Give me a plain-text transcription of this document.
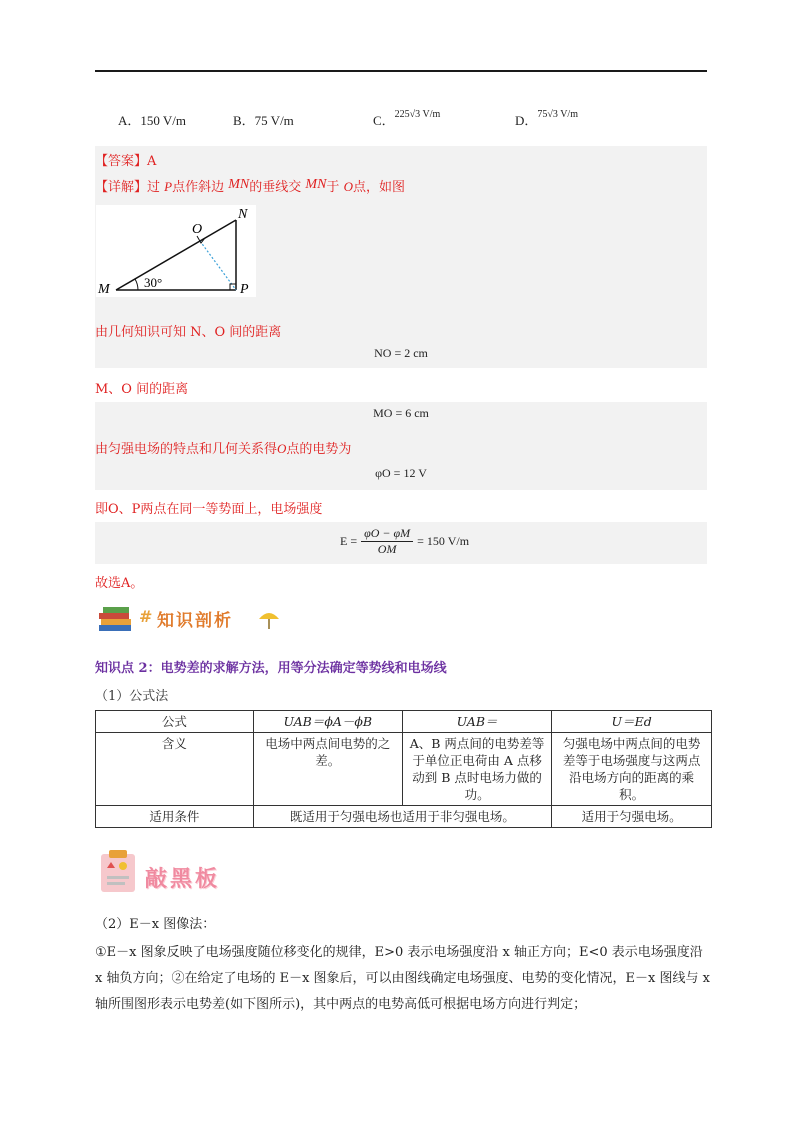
A．150 V/m	B．75 V/m	C．$^{225√3 V/m}$	D．$^{75√3 V/m}$
【答案】A
【详解】过 P点作斜边 MN的垂线交 MN于 O点，如图
M
N
O
P
30°
由几何知识可知 N、O 间的距离
NO = 2 cm
M、O 间的距离
MO = 6 cm
由匀强电场的特点和几何关系得O点的电势为
φO = 12 V
即O、P两点在同一等势面上，电场强度
$E = \frac{\varphi O - \varphi M}{OM} = 150$ V/m
故选A。
# 知识剖析
知识点 2：电势差的求解方法，用等分法确定等势线和电场线
（1）公式法
公式	UAB＝ϕA－ϕB	UAB＝	U＝Ed
含义	电场中两点间电势的之差。	A、B 两点间的电势差等于单位正电荷由 A 点移动到 B 点时电场力做的功。	匀强电场中两点间的电势差等于电场强度与这两点沿电场方向的距离的乘积。
适用条件	既适用于匀强电场也适用于非匀强电场。		适用于匀强电场。
敲黑板
（2）E－x 图像法：
①E－x 图象反映了电场强度随位移变化的规律，E>0 表示电场强度沿 x 轴正方向；E<0 表示电场强度沿 x 轴负方向；②在给定了电场的 E－x 图象后，可以由图线确定电场强度、电势的变化情况，E－x 图线与 x 轴所围图形表示电势差(如下图所示)，其中两点的电势高低可根据电场方向进行判定；
